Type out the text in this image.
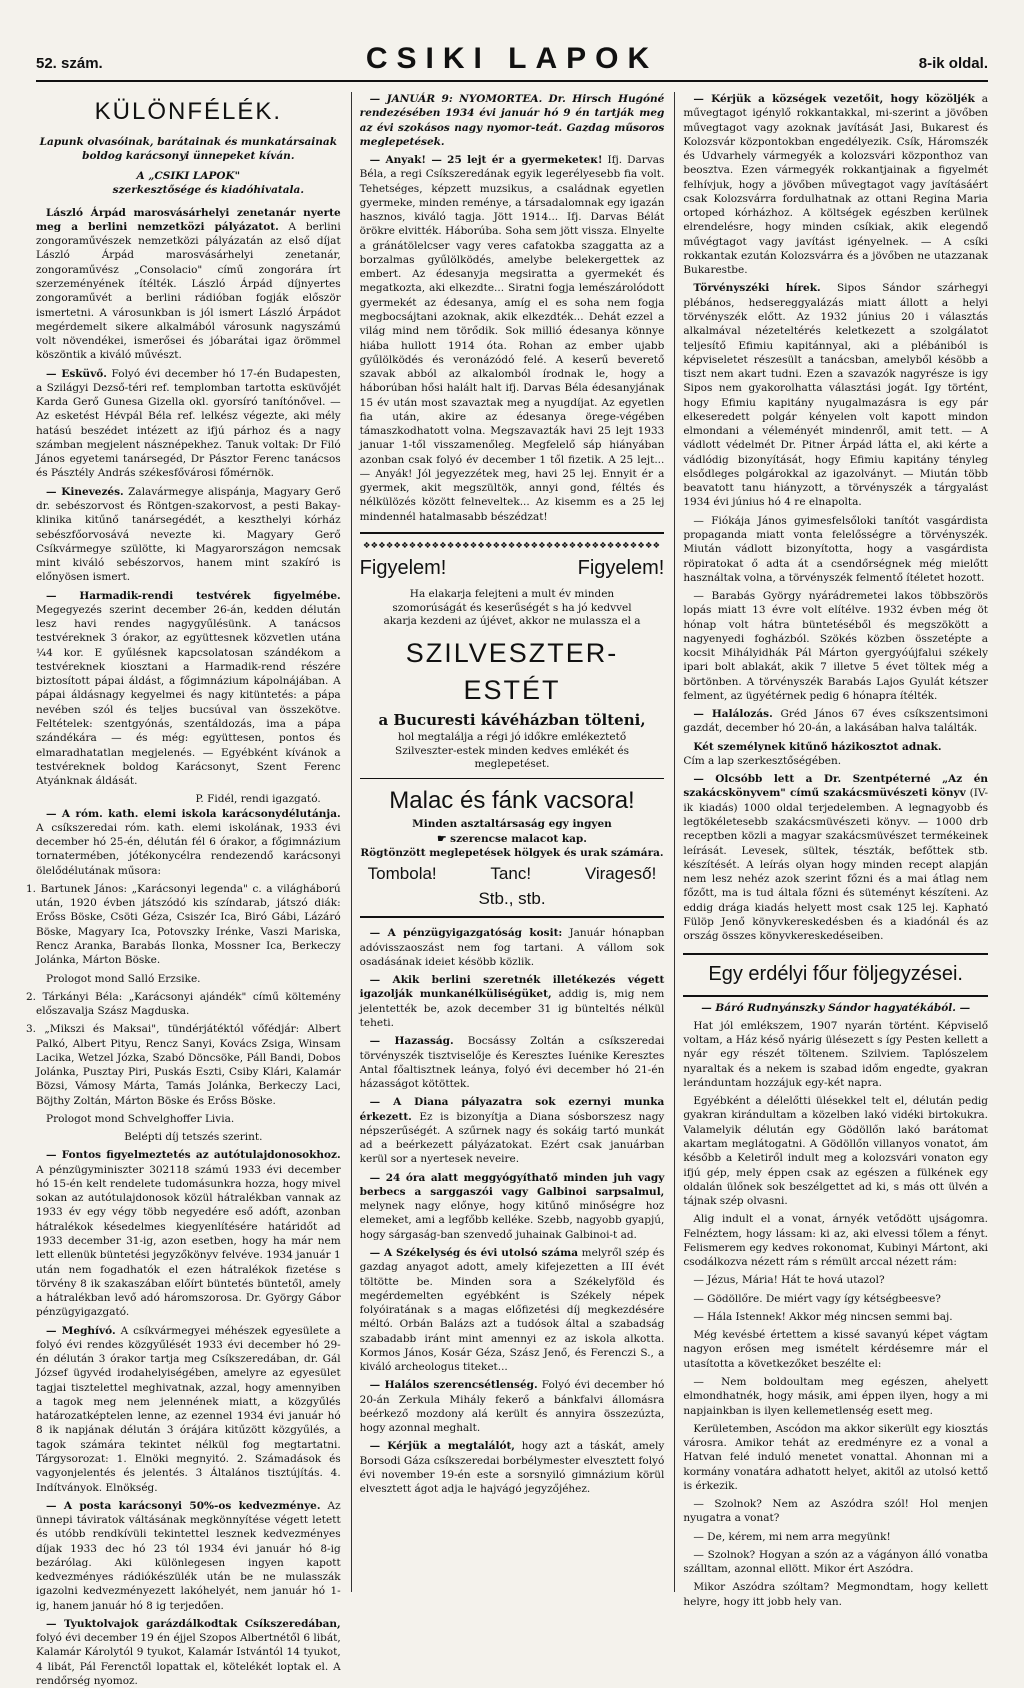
52. szám.	CSIKI LAPOK	8-ik oldal.
KÜLÖNFÉLÉK.
Lapunk olvasóinak, barátainak és munkatársainak boldog karácsonyi ünnepeket kíván.
A „CSIKI LAPOK"
szerkesztősége és kiadóhivatala.

László Árpád marosvásárhelyi zenetanár nyerte meg a berlini nemzetközi pályázatot. A berlini zongoraművészek nemzetközi pályázatán az első díjat László Árpád marosvásárhelyi zenetanár, zongoraművész „Consolacio" című zongorára írt szerzeményének ítélték. László Árpád díjnyertes zongoraművét a berlini rádióban fogják először ismertetni. A városunkban is jól ismert László Árpádot megérdemelt sikere alkalmából városunk nagyszámú volt növendékei, ismerősei és jóbarátai igaz örömmel köszöntik a kiváló művészt.

— Esküvő. Folyó évi december hó 17-én Budapesten, a Szilágyi Dezső-téri ref. templomban tartotta esküvőjét Karda Gerő Gunesa Gizella okl. gyorsíró tanítónővel. — Az esketést Hévpál Béla ref. lelkész végezte, aki mély hatású beszédet intézett az ifjú párhoz és a nagy számban megjelent násznépekhez. Tanuk voltak: Dr Filó János egyetemi tanársegéd, Dr Pásztor Ferenc tanácsos és Pásztély András székesfővárosi főmérnök.

— Kinevezés. Zalavármegye alispánja, Magyary Gerő dr. sebészorvost és Röntgen-szakorvost, a pesti Bakay-klinika kitűnő tanársegédét, a keszthelyi kórház sebészfőorvosává nevezte ki. Magyary Gerő Csíkvármegye szülötte, ki Magyarországon nemcsak mint kiváló sebészorvos, hanem mint szakíró is előnyösen ismert.

— Harmadik-rendi testvérek figyelmébe. Megegyezés szerint december 26-án, kedden délután lesz havi rendes nagygyűlésünk. A tanácsos testvéreknek 3 órakor, az együttesnek közvetlen utána ¼4 kor. E gyűlésnek kapcsolatosan szándékom a testvéreknek kiosztani a Harmadik-rend részére biztosított pápai áldást, a főgimnázium kápolnájában. A pápai áldásnagy kegyelmei és nagy kitüntetés: a pápa nevében szól és teljes bucsúval van összekötve. Feltételek: szentgyónás, szentáldozás, ima a pápa szándékára — és még: együttesen, pontos és elmaradhatatlan megjelenés. — Egyébként kívánok a testvéreknek boldog Karácsonyt, Szent Ferenc Atyánknak áldását.

P. Fidél, rendi igazgató.

— A róm. kath. elemi iskola karácsonydélutánja. A csíkszeredai róm. kath. elemi iskolának, 1933 évi december hó 25-én, délután fél 6 órakor, a főgimnázium tornatermében, jótékonycélra rendezendő karácsonyi ölelődélutának műsora:

1. Bartunek János: „Karácsonyi legenda" c. a világháború után, 1920 évben játszódó kis színdarab, játszó diák: Erőss Böske, Csöti Géza, Csiszér Ica, Biró Gábi, Lázáró Böske, Magyary Ica, Potovszky Irénke, Vaszi Mariska, Rencz Aranka, Barabás Ilonka, Mossner Ica, Berkeczy Jolánka, Márton Böske.

Prologot mond Salló Erzsike.

2. Tárkányi Béla: „Karácsonyi ajándék" című költemény előszavalja Szász Magduska.

3. „Mikszi és Maksai", tündérjátéktól vőfédjár: Albert Palkó, Albert Pityu, Rencz Sanyi, Kovács Zsiga, Winsam Lacika, Wetzel Józka, Szabó Döncsöke, Páll Bandi, Dobos Jolánka, Pusztay Piri, Puskás Eszti, Csiby Klári, Kalamár Bözsi, Vámosy Márta, Tamás Jolánka, Berkeczy Laci, Böjthy Zoltán, Márton Böske és Erőss Böske.

Prologot mond Schvelghoffer Livia.

Belépti díj tetszés szerint.

— Fontos figyelmeztetés az autótulajdonosokhoz. A pénzügyminiszter 302118 számú 1933 évi december hó 15-én kelt rendelete tudomásunkra hozza, hogy mivel sokan az autótulajdonosok közül hátralékban vannak az 1933 év egy végy több negyedére eső adóft, azonban hátralékok késedelmes kiegyenlítésére határidőt ad 1933 december 31-ig, azon esetben, hogy ha már nem lett ellenük büntetési jegyzőkönyv felvéve. 1934 január 1 után nem fogadhatók el ezen hátralékok fizetése s törvény 8 ik szakaszában előírt büntetés büntetől, amely a hátralékban levő adó háromszorosa. Dr. György Gábor pénzügyigazgató.

— Meghívó. A csíkvármegyei méhészek egyesülete a folyó évi rendes közgyűlését 1933 évi december hó 29-én délután 3 órakor tartja meg Csíkszeredában, dr. Gál József ügyvéd irodahelyiségében, amelyre az egyesület tagjai tisztelettel meghivatnak, azzal, hogy amennyiben a tagok meg nem jelennének miatt, a közgyűlés határozatképtelen lenne, az ezennel 1934 évi január hó 8 ik napjának délután 3 órájára kitűzött közgyűlés, a tagok számára tekintet nélkül fog megtartatni. Tárgysorozat: 1. Elnöki megnyitó. 2. Számadások és vagyonjelentés és jelentés. 3 Általános tisztújítás. 4. Indítványok. Elnökség.

— A posta karácsonyi 50%-os kedvezménye. Az ünnepi táviratok váltásának megkönnyítése végett letett és utóbb rendkívüli tekintettel lesznek kedvezményes díjak 1933 dec hó 23 tól 1934 évi január hó 8-ig bezárólag. Aki különlegesen ingyen kapott kedvezményes rádiókészülék után be ne mulasszák igazolni kedvezményezett lakóhelyét, nem január hó 1-ig, hanem január hó 8 ig terjedően.

— Tyuktolvajok garázdálkodtak Csíkszeredában, folyó évi december 19 én éjjel Szopos Albertnétől 6 libát, Kalamár Károlytól 9 tyukot, Kalamár Istvántól 14 tyukot, 4 libát, Pál Ferenctől lopattak el, kötelékét loptak el. A rendőrség nyomoz.

— JANUÁR 9: NYOMORTEA. Dr. Hirsch Hugóné rendezésében 1934 évi január hó 9 én tartják meg az évi szokásos nagy nyomor-teát. Gazdag műsoros meglepetések.

— Anyak! — 25 lejt ér a gyermeketeк! Ifj. Darvas Béla, a regi Csíkszeredának egyik legerélyesebb fia volt. Tehetséges, képzett muzsikus, a családnak egyetlen gyermeke, minden reménye, a társadalomnak egy igazán hasznos, kiváló tagja. Jött 1914... Ifj. Darvas Bélát örökre elvitték. Háborúba. Soha sem jött vissza. Elnyelte a gránátölelcser vagy veres cafatokba szaggatta az a borzalmas gyűlölködés, amelybe belekergettek az embert. Az édesanyja megsiratta a gyermekét és megatkozta, aki elkezdte... Siratni fogja lemészárolódott gyermekét az édesanya, amíg el es soha nem fogja megbocsájtani azoknak, akik elkezdték... Dehát ezzel a világ mind nem törődik. Sok millió édesanya könnye hiába hullott 1914 óta. Rohan az ember ujabb gyűlölködés és veronázódó felé. A keserű beverető szavak abból az alkalomból írodnak le, hogy a háborúban hősi halált halt ifj. Darvas Béla édesanyjának 15 év után most szavaztak meg a nyugdíjat. Az egyetlen fia után, akire az édesanya örege-végében támaszkodhatott volna. Megszavazták havi 25 lejt 1933 januar 1-től visszamenőleg. Megfelelő sáp hiányában azonban csak folyó év december 1 től fizetik. A 25 lejt... — Anyák! Jól jegyezzétek meg, havi 25 lej. Ennyit ér a gyermek, akit megszültök, annyi gond, féltés és nélkülözés között felneveltek... Az kisemm es a 25 lej mindennél hatalmasabb bészédzat!

❖❖❖❖❖❖❖❖❖❖❖❖❖❖❖❖❖❖❖❖❖❖❖❖❖❖❖❖❖❖❖❖❖❖❖❖❖❖❖
Figyelem!	Figyelem!
Ha elakarja felejteni a mult év minden szomorúságát és keserűségét s ha jó kedvvel akarja kezdeni az újévet, akkor ne mulassza el a
SZILVESZTER-ESTÉT
a Bucuresti kávéházban tölteni,
hol megtalálja a régi jó időkre emlékeztető Szilveszter-estek minden kedves emlékét és meglepetéset.
Malac és fánk vacsora!
Minden asztaltársaság egy ingyen
☛ szerencse malacot kap.
Rögtönzött meglepetések hölgyek és urak számára.
Tombola!	Tanc!	Virageső!
Stb., stb.

— A pénzügyigazgatóság kosit: Január hónapban adóvisszaoszást nem fog tartani. A vállom sok osadásának ideiet késöbb közlik.

— Akik berlini szeretnék illetékezés végett igazolják munkanélküliségüket, addig is, mig nem jelentették be, azok december 31 ig bünteltés nélkül teheti.

— Hazasság. Bocsássy Zoltán a csíkszeredai törvényszék tisztviselője és Keresztes Iuénike Keresztes Antal főaltisztnek leánya, folyó évi december hó 21-én házasságot kötöttek.

— A Diana pályazatra sok ezernyi munka érkezett. Ez is bizonyítja a Diana sósborszesz nagy népszerűségét. A szűrnek nagy és sokáig tartó munkát ad a beérkezett pályázatokat. Ezért csak januárban kerül sor a nyertesek neveire.

— 24 óra alatt meggyógyíthatő minden juh vagy berbecs a sarggaszói vagy Galbinoi sarpsalmul, melynek nagy előnye, hogy kitűnő minőségre hoz elemeket, ami a legfőbb kelléke. Szebb, nagyobb gyapjú, hogy sárgaság-ban szenvedő juhainak Galbinoi-t ad.

— A Székelység és évi utolsó száma melyről szép és gazdag anyagot adott, amely kifejezetten a III évét töltötte be. Minden sora a Székelyföld és megérdemelten egyébként is Székely népek folyóiratának s a magas előfizetési díj megkezdésére méltó. Orbán Balázs azt a tudósok által a szabadság szabadabb iránt mint amennyi ez az iskola alkotta. Kormos János, Kosár Géza, Szász Jenő, és Ferenczi S., a kiváló archeologus titeket...

— Halálos szerencsétlenség. Folyó évi december hó 20-án Zerkula Mihály fekerő a bánkfalvi állomásra beérkező mozdony alá került és annyira összezúzta, hogy azonnal meghalt.

— Kérjük a megtalálót, hogy azt a táskát, amely Borsodi Gáza csíkszeredai borbélymester elvesztett folyó évi november 19-én este a sorsnyiló gimnázium körül elvesztett ágot adja le hajvágó jegyzőjéhez.

— Kérjük a községek vezetőit, hogy közöljék a művegtagot igénylő rokkantakkal, mi-szerint a jövőben művegtagot vagy azoknak javítását Jasi, Bukarest és Kolozsvár központokban engedélyezik. Csík, Háromszék és Udvarhely vármegyék a kolozsvári központhoz van beosztva. Ezen vármegyék rokkantjainak a figyelmét felhívjuk, hogy a jövőben művegtagot vagy javításáért csak Kolozsvárra fordulhatnak az ottani Regina Maria ortoped kórházhoz. A költségek egészben kerülnek elrendelésre, hogy minden csíkiak, akik elegendő művégtagot vagy javítást igényelnek. — A csíki rokkantak ezután Kolozsvárra és a jövőben ne utazzanak Bukarestbe.

Törvényszéki hírek. Sipos Sándor szárhegyi plébános, hedsereggyalázás miatt állott a helyi törvényszék előtt. Az 1932 június 20 i választás alkalmával nézeteltérés keletkezett a szolgálatot teljesítő Efimiu kapitánnyal, aki a plébániból is képviseletet részesült a tanácsban, amelyből késöbb a tiszt nem akart tudni. Ezen a szavazók nagyrésze is igy Sipos nem gyakorolhatta választási jogát. Igy történt, hogy Efimiu kapitány nyugalmazásra is egy pár elkeseredett polgár kényelen volt kapott mindon elmondani a véleményét mindenről, amit tett. — A vádlott védelmét Dr. Pitner Árpád látta el, aki kérte a vádlódig bizonyítását, hogy Efimiu kapitány tényleg elsődleges polgárokkal az igazolványt. — Miután több beavatott tanu hiányzott, a törvényszék a tárgyalást 1934 évi június hó 4 re elnapolta.

— Fiókája János gyimesfelsőloki tanítót vasgárdista propaganda miatt vonta felelősségre a törvényszék. Miután vádlott bizonyította, hogy a vasgárdista röpiratokat ő adta át a csendőrségnek még mielőtt használtak volna, a törvényszék felmentő ítéletet hozott.

— Barabás György nyárádremetei lakos többszörös lopás miatt 13 évre volt elítélve. 1932 évben még öt hónap volt hátra büntetéséből és megszökött a nagyenyedi fogházból. Szökés közben összetépte a kocsit Mihályidhák Pál Márton gyergyóújfalui székely ipari bolt ablakát, akik 7 illetve 5 évet töltek még a börtönben. A törvényszék Barabás Lajos Gyulát kétszer felment, az ügyétérnek pedig 6 hónapra ítélték.

— Halálozás. Gréd János 67 éves csíkszentsimoni gazdát, december hó 20-án, a lakásában halva találták.

Két személynek kitűnő házikosztot adnak.
Cím a lap szerkesztőségében.

— Olcsóbb lett a Dr. Szentpéterné „Az én szakácskönyvem" című szakácsmüvészeti könyv (IV-ik kiadás) 1000 oldal terjedelemben. A legnagyobb és legtökéletesebb szakácsmüvészeti könyv. — 1000 drb receptben közli a magyar szakácsmüvészet termékeinek leírását. Levesek, sültek, tészták, befőttek stb. készítését. A leírás olyan hogy minden recept alapján nem lesz nehéz azok szerint főzni és a mai átlag nem főzőtt, ma is tud általa főzni és süteményt készíteni. Az eddig drága kiadás helyett most csak 125 lej. Kapható Fülöp Jenő könyvkereskedésben és a kiadónál és az ország összes könyvkereskedéseiben.

Egy erdélyi főur följegyzései.
— Báró Rudnyánszky Sándor hagyatékából. —

Hat jól emlékszem, 1907 nyarán történt. Képviselő voltam, a Ház késő nyárig ülésezett s így Pesten kellett a nyár egy részét töltenem. Szilviem. Taplószelem nyaraltak és a nekem is szabad időm engedte, gyakran leránduntam hozzájuk egy-két napra.

Egyébként a délelőtti ülésekkel telt el, délután pedig gyakran kirándultam a közelben lakó vidéki birtokukra. Valamelyik délután egy Gödöllőn lakó barátomat akartam meglátogatni. A Gödöllőn villanyos vonatot, ám később a Keletiről indult meg a kolozsvári vonaton egy ifjú gép, mely éppen csak az egészen a fülkének egy oldalán ülőnek sok beszélgettet ad ki, s más ott ülvén a tájnak szép olvasni.

Alig indult el a vonat, árnyék vetődött ujságomra. Felnéztem, hogy lássam: ki az, aki elvessi tőlem a fényt. Felismerem egy kedves rokonomat, Kubinyi Mártont, aki csodálkozva nézett rám s rémült arccal nézett rám:

— Jézus, Mária! Hát te hová utazol?

— Gödöllőre. De miért vagy így kétségbeesve?

— Hála Istennek! Akkor még nincsen semmi baj.

Még kevésbé értettem a kissé savanyú képet vágtam nagyon erősen meg ismételt kérdésemre már el utasította a következőket beszélte el:

— Nem boldoultam meg egészen, ahelyett elmondhatnék, hogy másik, ami éppen ilyen, hogy a mi napjainkban is ilyen kellemetlenség esett meg.

Kerületemben, Ascódon ma akkor sikerült egy kiosztás városra. Amikor tehát az eredményre ez a vonal a Hatvan felé induló menetet vonattal. Ahonnan mi a kormány vonatára adhatott helyet, akitől az utolsó kettő is érkezik.

— Szolnok? Nem az Aszódra szól! Hol menjen nyugatra a vonat?

— De, kérem, mi nem arra megyünk!

— Szolnok? Hogyan a szón az a vágányon álló vonatba szálltam, azonnal ellött. Mikor ért Aszódra.

Mikor Aszódra szóltam? Megmondtam, hogy kellett helyre, hogy itt jobb hely van.
